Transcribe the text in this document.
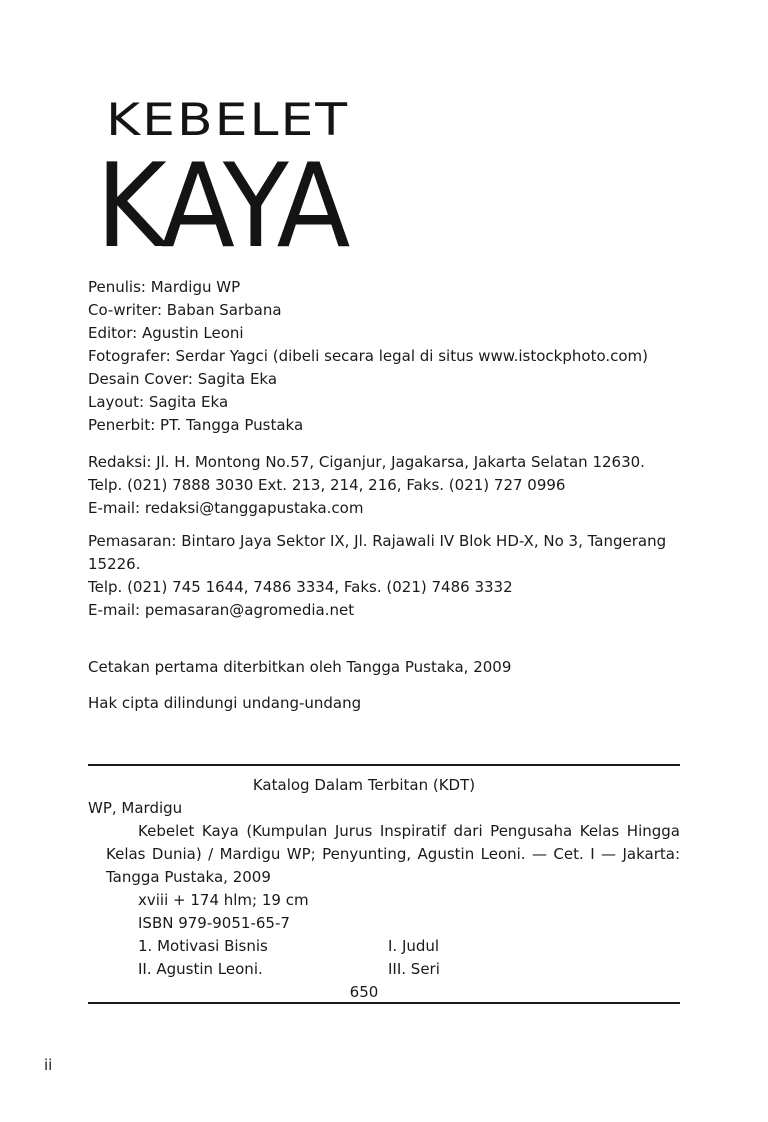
KEBELET
KAYA
Penulis: Mardigu WP
Co-writer: Baban Sarbana
Editor: Agustin Leoni
Fotografer: Serdar Yagci (dibeli secara legal di situs www.istockphoto.com)
Desain Cover: Sagita Eka
Layout: Sagita Eka
Penerbit: PT. Tangga Pustaka
Redaksi: Jl. H. Montong No.57, Ciganjur, Jagakarsa, Jakarta Selatan 12630.
Telp. (021) 7888 3030 Ext. 213, 214, 216, Faks. (021) 727 0996
E-mail: redaksi@tanggapustaka.com
Pemasaran: Bintaro Jaya Sektor IX, Jl. Rajawali IV Blok HD-X, No 3, Tangerang
15226.
Telp. (021) 745 1644, 7486 3334, Faks. (021) 7486 3332
E-mail: pemasaran@agromedia.net
Cetakan pertama diterbitkan oleh Tangga Pustaka, 2009
Hak cipta dilindungi undang-undang
Katalog Dalam Terbitan (KDT)
WP, Mardigu
Kebelet Kaya (Kumpulan Jurus Inspiratif dari Pengusaha Kelas Hingga
Kelas Dunia) / Mardigu WP; Penyunting, Agustin Leoni. — Cet. I — Jakarta:
Tangga Pustaka, 2009
xviii + 174 hlm; 19 cm
ISBN 979-9051-65-7
1. Motivasi Bisnis	I. Judul
II. Agustin Leoni.	III. Seri
650
ii
